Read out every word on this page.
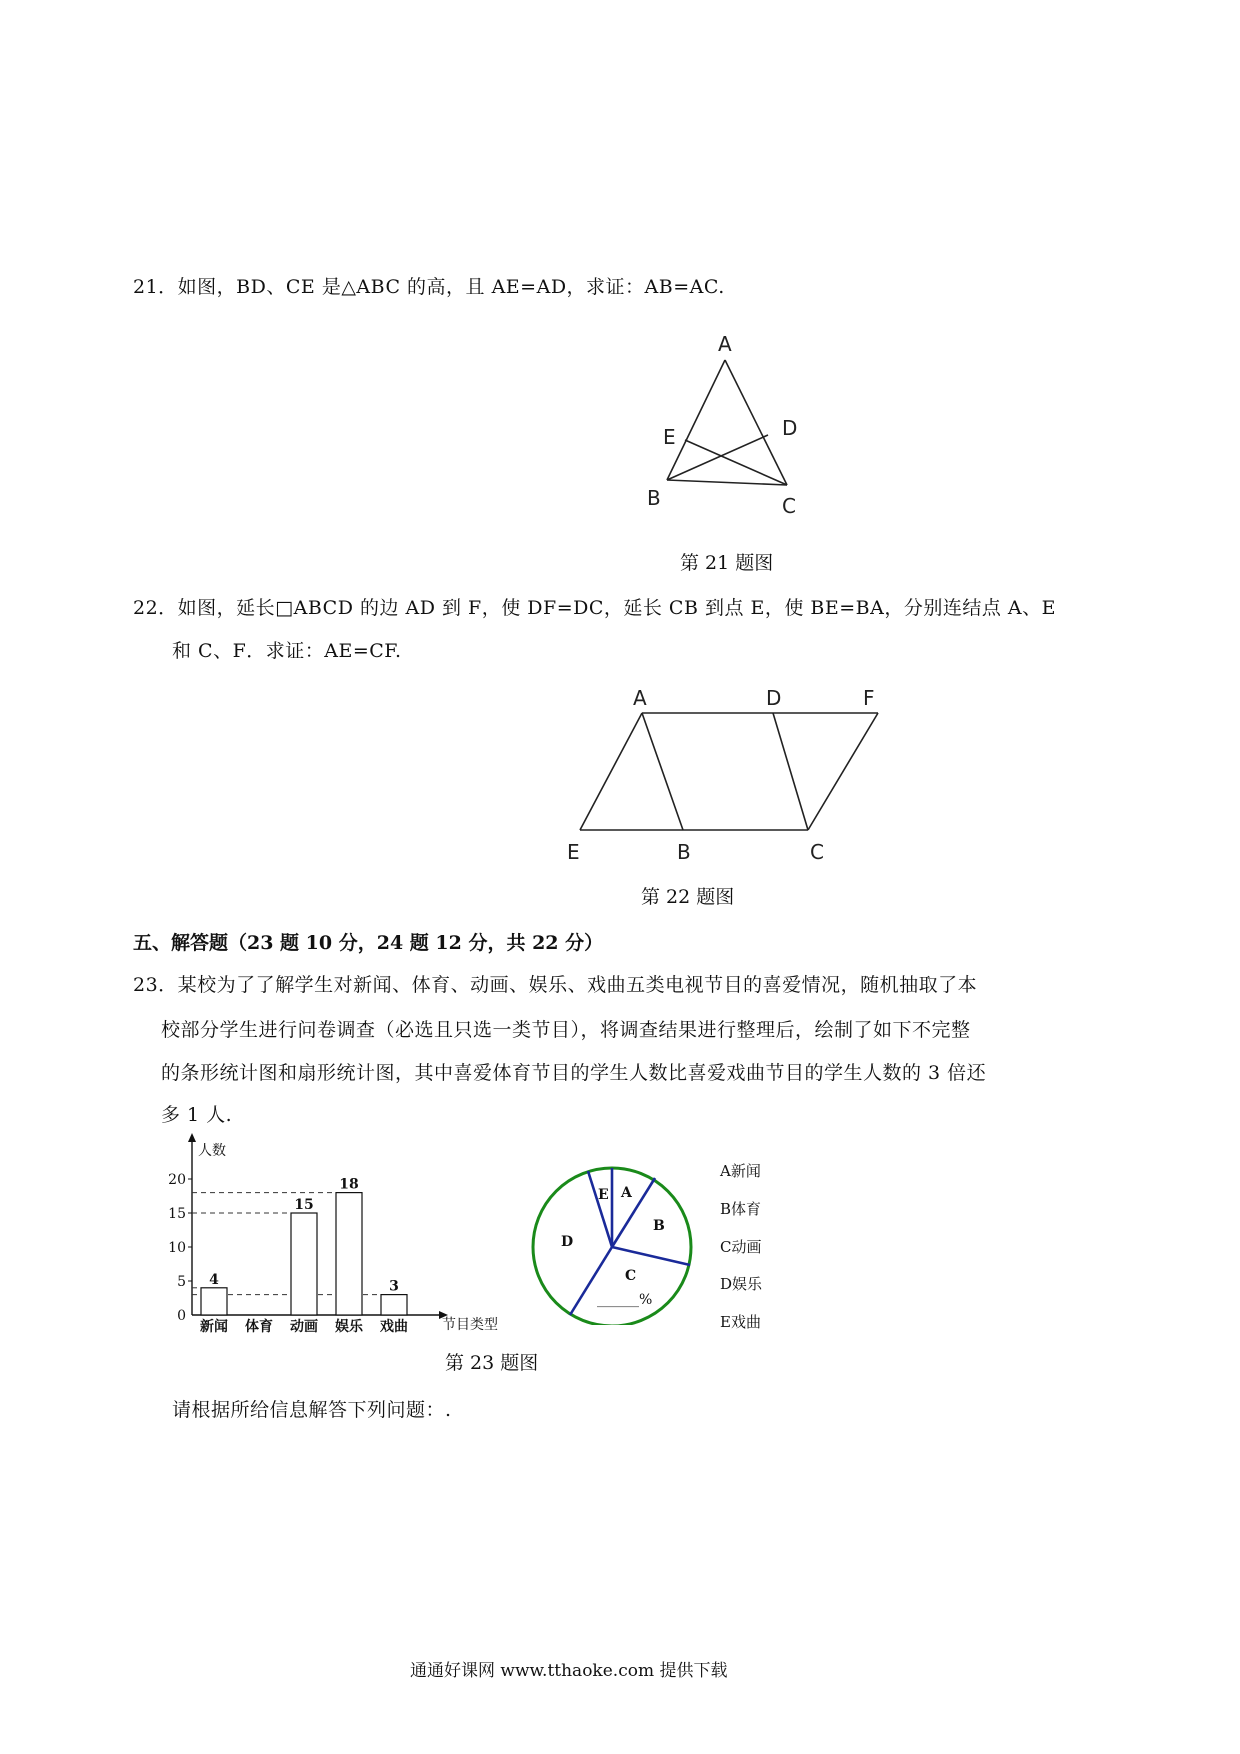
21．如图，BD、CE 是△ABC 的高，且 AE=AD，求证：AB=AC.
A
E	D
B	C
第 21 题图
22．如图，延长□ABCD 的边 AD 到 F，使 DF=DC，延长 CB 到点 E，使 BE=BA，分别连结点 A、E
和 C、F．求证：AE=CF.
A	D	F
E	B	C
第 22 题图
五、解答题（23 题 10 分，24 题 12 分，共 22 分）
23．某校为了了解学生对新闻、体育、动画、娱乐、戏曲五类电视节目的喜爱情况，随机抽取了本
校部分学生进行问卷调查（必选且只选一类节目），将调查结果进行整理后，绘制了如下不完整
的条形统计图和扇形统计图，其中喜爱体育节目的学生人数比喜爱戏曲节目的学生人数的 3 倍还
多 1 人.
人数
节目类型
0
5
10
15
20
新闻 体育 动画 娱乐 戏曲
4
15
18
3
E A
B
C
D
______%
A新闻
B体育
C动画
D娱乐
E戏曲
第 23 题图
请根据所给信息解答下列问题：.
通通好课网 www.tthaoke.com 提供下载
